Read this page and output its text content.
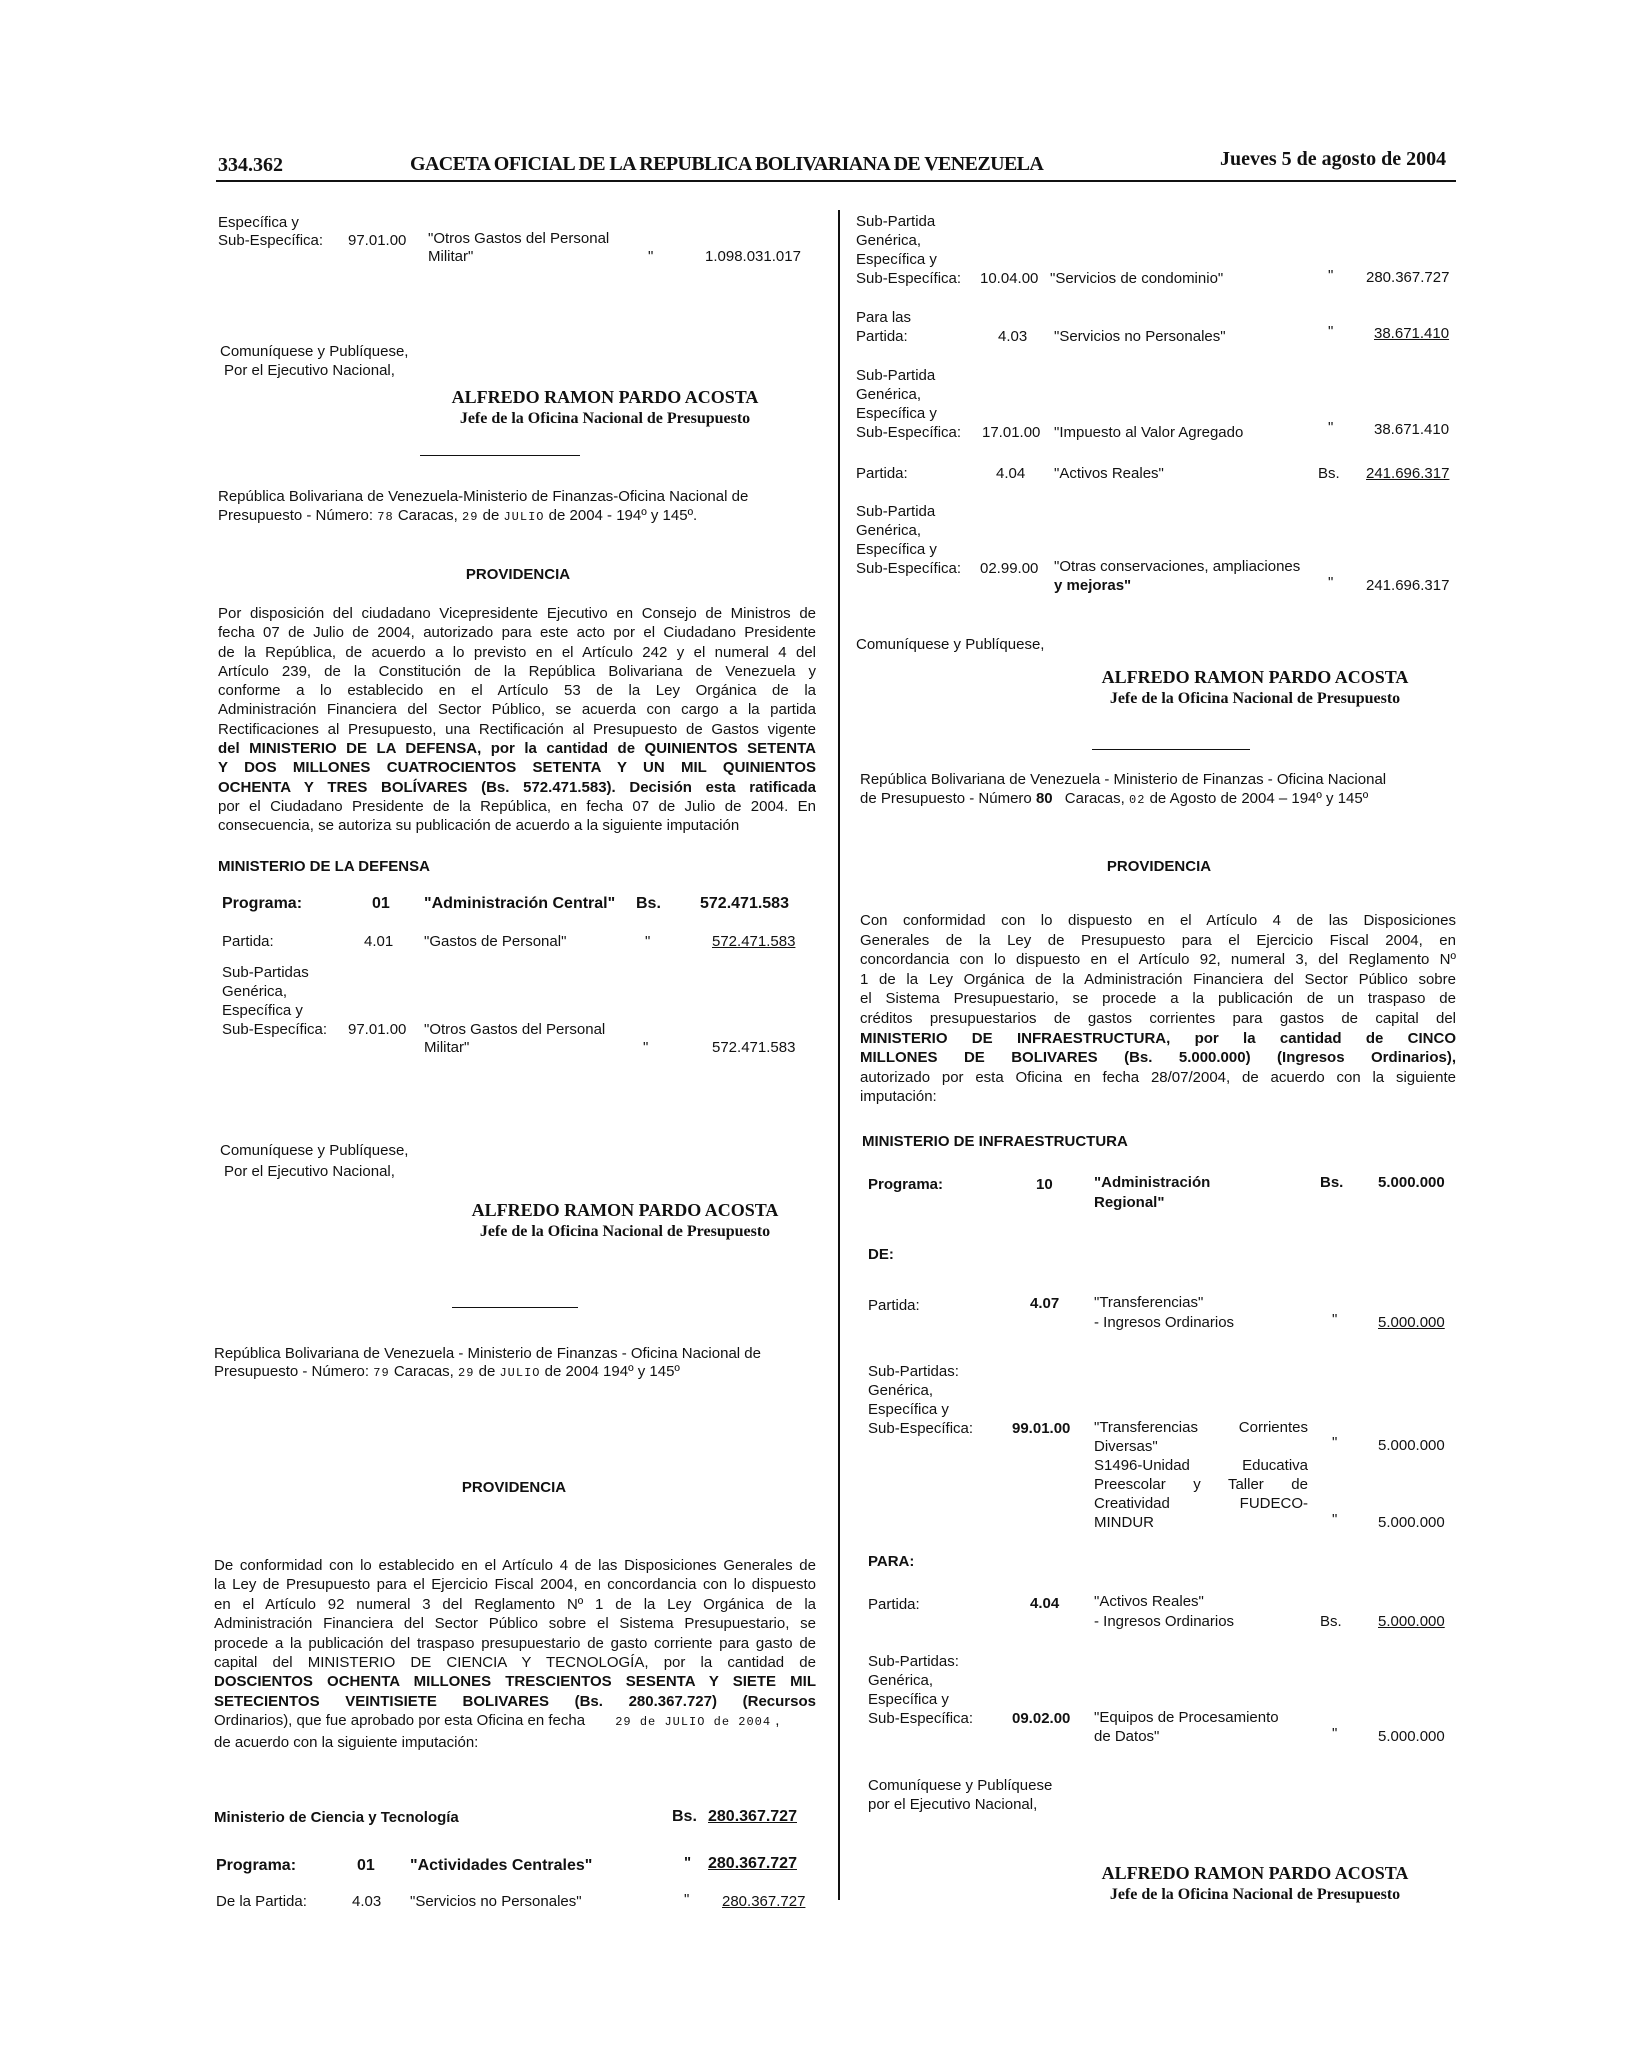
334.362	GACETA OFICIAL DE LA REPUBLICA BOLIVARIANA DE VENEZUELA	Jueves 5 de agosto de 2004
Específica y
Sub-Específica: 97.01.00 "Otros Gastos del Personal
Militar"	"	1.098.031.017
Comuníquese y Publíquese,
Por el Ejecutivo Nacional,
ALFREDO RAMON PARDO ACOSTA
Jefe de la Oficina Nacional de Presupuesto
República Bolivariana de Venezuela-Ministerio de Finanzas-Oficina Nacional de
Presupuesto - Número: 78 Caracas, 29 de JULIO de 2004 - 194º y 145º.
PROVIDENCIA
Por disposición del ciudadano Vicepresidente Ejecutivo en Consejo de Ministros de
fecha 07 de Julio de 2004, autorizado para este acto por el Ciudadano Presidente
de la República, de acuerdo a lo previsto en el Artículo 242 y el numeral 4 del
Artículo 239, de la Constitución de la República Bolivariana de Venezuela y
conforme a lo establecido en el Artículo 53 de la Ley Orgánica de la
Administración Financiera del Sector Público, se acuerda con cargo a la partida
Rectificaciones al Presupuesto, una Rectificación al Presupuesto de Gastos vigente
del MINISTERIO DE LA DEFENSA, por la cantidad de QUINIENTOS SETENTA
Y DOS MILLONES CUATROCIENTOS SETENTA Y UN MIL QUINIENTOS
OCHENTA Y TRES BOLÍVARES (Bs. 572.471.583). Decisión esta ratificada
por el Ciudadano Presidente de la República, en fecha 07 de Julio de 2004. En
consecuencia, se autoriza su publicación de acuerdo a la siguiente imputación
MINISTERIO DE LA DEFENSA
Programa:	01 "Administración Central" Bs. 572.471.583
Partida:	4.01 "Gastos de Personal"	"	572.471.583
Sub-Partidas
Genérica,
Específica y
Sub-Específica: 97.01.00 "Otros Gastos del Personal
Militar"	"	572.471.583
Comuníquese y Publíquese,
Por el Ejecutivo Nacional,
ALFREDO RAMON PARDO ACOSTA
Jefe de la Oficina Nacional de Presupuesto
República Bolivariana de Venezuela - Ministerio de Finanzas - Oficina Nacional de
Presupuesto - Número: 79 Caracas, 29 de JULIO de 2004 194º y 145º
PROVIDENCIA
De conformidad con lo establecido en el Artículo 4 de las Disposiciones Generales de
la Ley de Presupuesto para el Ejercicio Fiscal 2004, en concordancia con lo dispuesto
en el Artículo 92 numeral 3 del Reglamento Nº 1 de la Ley Orgánica de la
Administración Financiera del Sector Público sobre el Sistema Presupuestario, se
procede a la publicación del traspaso presupuestario de gasto corriente para gasto de
capital del MINISTERIO DE CIENCIA Y TECNOLOGÍA, por la cantidad de
DOSCIENTOS OCHENTA MILLONES TRESCIENTOS SESENTA Y SIETE MIL
SETECIENTOS VEINTISIETE BOLIVARES (Bs. 280.367.727) (Recursos
Ordinarios), que fue aprobado por esta Oficina en fecha	29 de JULIO de 2004 ,
de acuerdo con la siguiente imputación:
Ministerio de Ciencia y Tecnología	Bs. 280.367.727
Programa:	01 "Actividades Centrales"	" 280.367.727
De la Partida:	4.03 "Servicios no Personales"	" 280.367.727
Sub-Partida
Genérica,
Específica y
Sub-Específica: 10.04.00 "Servicios de condominio"	" 280.367.727
Para las
Partida:	4.03 "Servicios no Personales"	"	38.671.410
Sub-Partida
Genérica,
Específica y
Sub-Específica: 17.01.00 "Impuesto al Valor Agregado	"	38.671.410
Partida:	4.04 "Activos Reales"	Bs. 241.696.317
Sub-Partida
Genérica,
Específica y
Sub-Específica: 02.99.00 "Otras conservaciones, ampliaciones
y mejoras"	" 241.696.317
Comuníquese y Publíquese,
ALFREDO RAMON PARDO ACOSTA
Jefe de la Oficina Nacional de Presupuesto
República Bolivariana de Venezuela - Ministerio de Finanzas - Oficina Nacional
de Presupuesto - Número 80 Caracas, 02 de Agosto de 2004 – 194º y 145º
PROVIDENCIA
Con conformidad con lo dispuesto en el Artículo 4 de las Disposiciones
Generales de la Ley de Presupuesto para el Ejercicio Fiscal 2004, en
concordancia con lo dispuesto en el Artículo 92, numeral 3, del Reglamento Nº
1 de la Ley Orgánica de la Administración Financiera del Sector Público sobre
el Sistema Presupuestario, se procede a la publicación de un traspaso de
créditos presupuestarios de gastos corrientes para gastos de capital del
MINISTERIO DE INFRAESTRUCTURA, por la cantidad de CINCO
MILLONES DE BOLIVARES (Bs. 5.000.000) (Ingresos Ordinarios),
autorizado por esta Oficina en fecha 28/07/2004, de acuerdo con la siguiente
imputación:
MINISTERIO DE INFRAESTRUCTURA
Programa:	10	"Administración
Regional"
Bs. 5.000.000
DE:
Partida:	4.07 "Transferencias"
- Ingresos Ordinarios	"	5.000.000
Sub-Partidas:
Genérica,
Específica y
Sub-Específica:	99.01.00 "Transferencias Corrientes
Diversas"
S1496-Unidad Educativa
Preescolar y Taller de
Creatividad FUDECO-
MINDUR
"	5.000.000
"	5.000.000
PARA:
Partida:	4.04 "Activos Reales"
- Ingresos Ordinarios	Bs. 5.000.000
Sub-Partidas:
Genérica,
Específica y
Sub-Específica:	09.02.00 "Equipos de Procesamiento
de Datos"	"	5.000.000
Comuníquese y Publíquese
por el Ejecutivo Nacional,
ALFREDO RAMON PARDO ACOSTA
Jefe de la Oficina Nacional de Presupuesto
